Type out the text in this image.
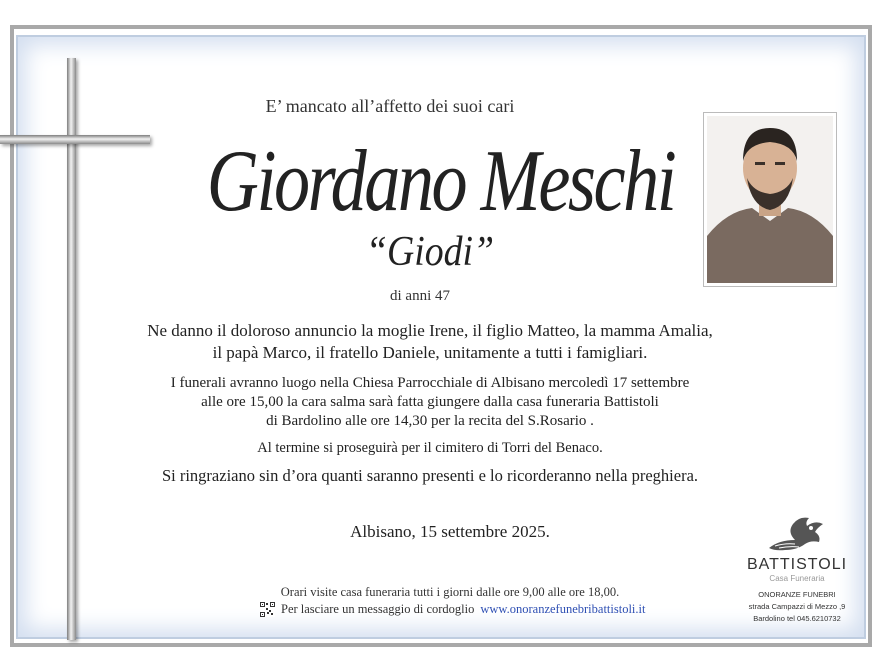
E’ mancato all’affetto dei suoi cari
Giordano Meschi
“Giodi”
di anni 47
Ne danno il doloroso annuncio la moglie Irene, il figlio Matteo, la mamma Amalia,
il papà Marco, il fratello Daniele, unitamente a tutti i famigliari.
I funerali avranno luogo nella Chiesa Parrocchiale di Albisano mercoledì 17 settembre
alle ore 15,00 la cara salma sarà fatta giungere dalla casa funeraria Battistoli
di Bardolino alle ore 14,30 per la recita del S.Rosario .
Al termine si proseguirà per il cimitero di Torri del Benaco.
Si ringraziano sin d’ora quanti saranno presenti e lo ricorderanno nella preghiera.
Albisano, 15 settembre 2025.
Orari visite casa funeraria tutti i giorni dalle ore 9,00 alle ore 18,00.
Per lasciare un messaggio di cordoglio www.onoranzefunebribattistoli.it
BATTISTOLI
Casa Funeraria
ONORANZE FUNEBRI
strada Campazzi di Mezzo ,9
Bardolino tel 045.6210732
